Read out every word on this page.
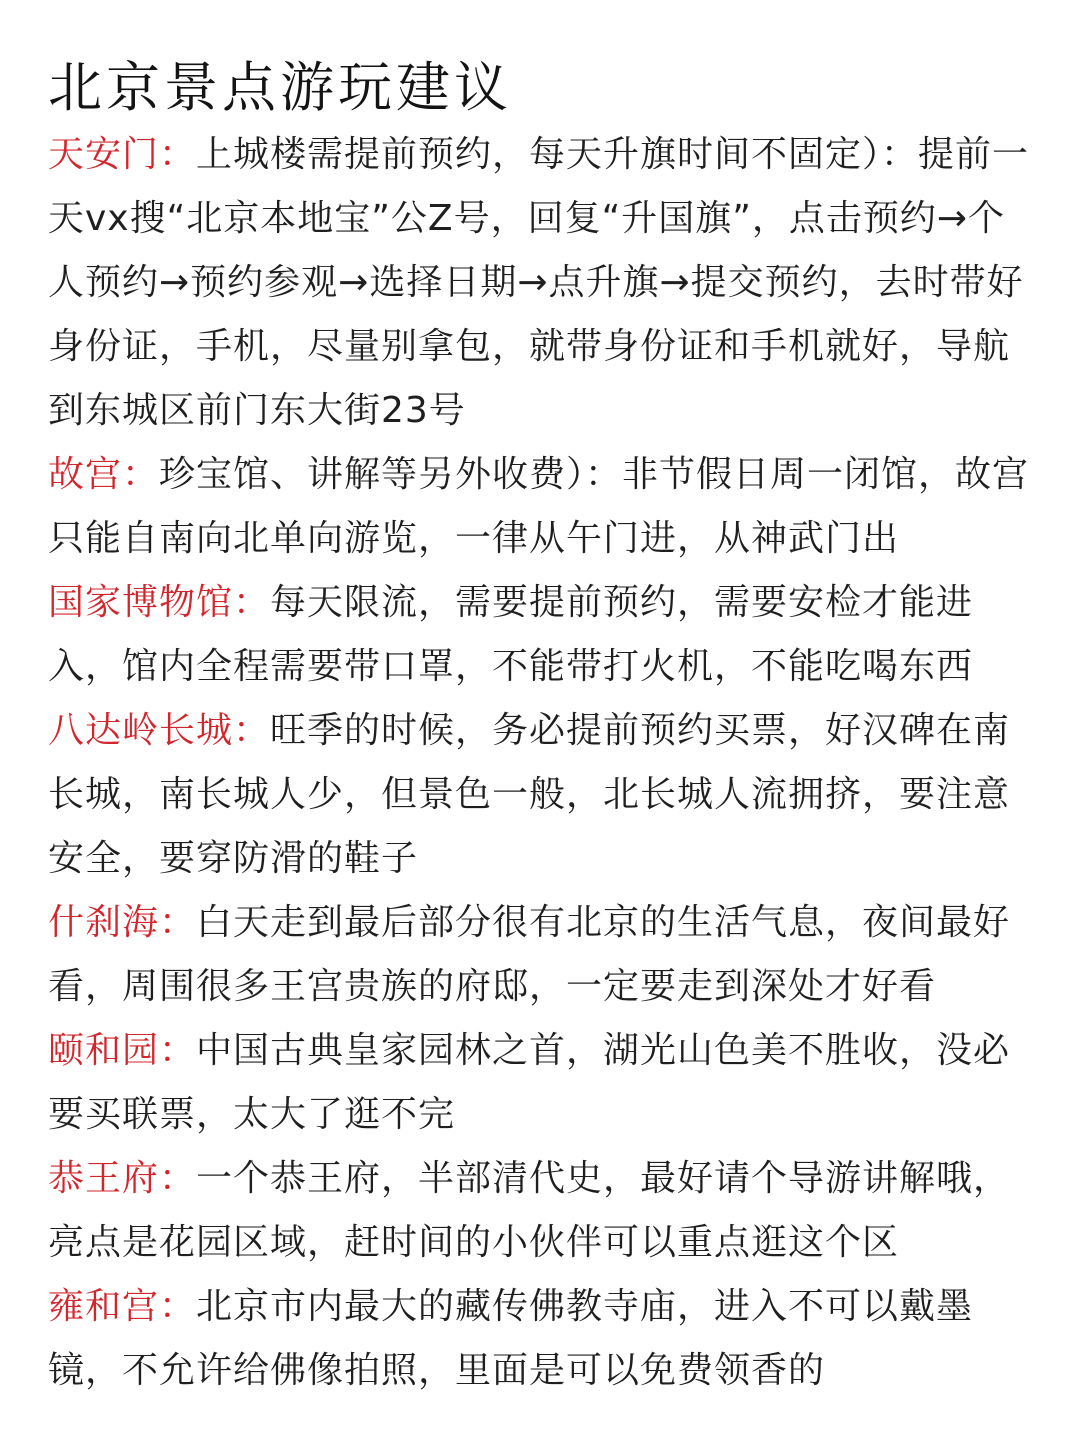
北京景点游玩建议

天安门：上城楼需提前预约，每天升旗时间不固定）：提前一天vx搜“北京本地宝”公Z号，回复“升国旗”，点击预约→个人预约→预约参观→选择日期→点升旗→提交预约，去时带好身份证，手机，尽量别拿包，就带身份证和手机就好，导航到东城区前门东大街23号

故宫：珍宝馆、讲解等另外收费）：非节假日周一闭馆，故宫只能自南向北单向游览，一律从午门进，从神武门出

国家博物馆：每天限流，需要提前预约，需要安检才能进入，馆内全程需要带口罩，不能带打火机，不能吃喝东西

八达岭长城：旺季的时候，务必提前预约买票，好汉碑在南长城，南长城人少，但景色一般，北长城人流拥挤，要注意安全，要穿防滑的鞋子

什刹海：白天走到最后部分很有北京的生活气息，夜间最好看，周围很多王宫贵族的府邸，一定要走到深处才好看

颐和园：中国古典皇家园林之首，湖光山色美不胜收，没必要买联票，太大了逛不完

恭王府：一个恭王府，半部清代史，最好请个导游讲解哦，亮点是花园区域，赶时间的小伙伴可以重点逛这个区

雍和宫：北京市内最大的藏传佛教寺庙，进入不可以戴墨镜，不允许给佛像拍照，里面是可以免费领香的
